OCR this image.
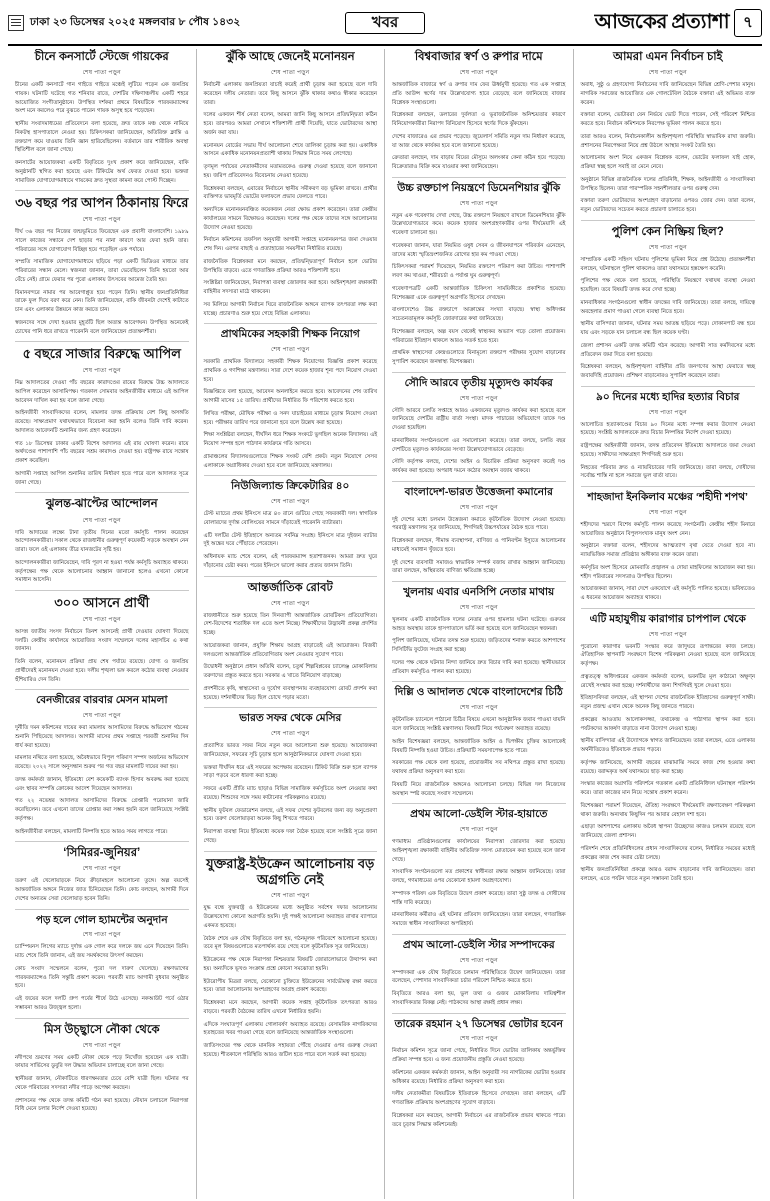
ঢাকা ২৩ ডিসেম্বর ২০২৫ মঙ্গলবার ৮ পৌষ ১৪৩২	খবর	আজকের প্রত্যাশা ৭
চীনে কনসার্টে স্টেজে গায়কের
শেষ পাতা পড়ুন

চীনের একটি কনসার্টে গান গাইতে গাইতে মঞ্চেই লুটিয়ে পড়েন এক জনপ্রিয় গায়ক। ঘটনাটি ঘটেছে গত শনিবার রাতে, দেশটির দক্ষিণাঞ্চলীয় একটি শহরে আয়োজিত সংগীতানুষ্ঠানে। উপস্থিত দর্শকরা প্রথমে বিষয়টিকে পারফরম্যান্সের অংশ মনে করলেও পরে বুঝতে পারেন গায়ক অসুস্থ হয়ে পড়েছেন।

স্থানীয় সংবাদমাধ্যমের প্রতিবেদনে বলা হয়েছে, দ্রুত তাকে মঞ্চ থেকে নামিয়ে নিকটস্থ হাসপাতালে নেওয়া হয়। চিকিৎসকরা জানিয়েছেন, অতিরিক্ত ক্লান্তি ও রক্তচাপ কমে যাওয়ায় তিনি জ্ঞান হারিয়েছিলেন। বর্তমানে তার শারীরিক অবস্থা স্থিতিশীল বলে জানা গেছে।

কনসার্টের আয়োজকরা একটি বিবৃতিতে দুঃখ প্রকাশ করে জানিয়েছেন, বাকি অনুষ্ঠানটি স্থগিত করা হয়েছে এবং টিকিটের অর্থ ফেরত দেওয়া হবে। ভক্তরা সামাজিক যোগাযোগমাধ্যমে গায়কের দ্রুত সুস্থতা কামনা করে পোস্ট দিচ্ছেন।

৩৬ বছর পর আপন ঠিকানায় ফিরে
শেষ পাতা পড়ুন

দীর্ঘ ৩৬ বছর পর নিজের জন্মভূমিতে ফিরেছেন এক প্রবাসী বাংলাদেশি। ১৯৮৯ সালে কাজের সন্ধানে দেশ ছাড়ার পর নানা কারণে আর ফেরা হয়নি তার। পরিবারের সঙ্গে যোগাযোগ বিচ্ছিন্ন হয়ে পড়েছিল এক পর্যায়ে।

সম্প্রতি সামাজিক যোগাযোগমাধ্যমে ছড়িয়ে পড়া একটি ভিডিওর মাধ্যমে তার পরিবারের সন্ধান মেলে। স্বজনরা জানান, তারা ভেবেছিলেন তিনি হয়তো আর বেঁচে নেই। গ্রামে ফেরার পর পুরো এলাকায় উৎসবের আমেজ তৈরি হয়।

বিমানবন্দরে নামার পর আবেগাপ্লুত হয়ে পড়েন তিনি। স্থানীয় জনপ্রতিনিধিরা তাকে ফুল দিয়ে বরণ করে নেন। তিনি জানিয়েছেন, বাকি জীবনটা দেশেই কাটাতে চান এবং এলাকার উন্নয়নে কাজ করতে চান।

স্বজনদের সঙ্গে দেখা হওয়ার মুহূর্তটি ছিল অত্যন্ত আবেগঘন। উপস্থিত অনেকেই চোখের পানি ধরে রাখতে পারেননি বলে জানিয়েছেন প্রত্যক্ষদর্শীরা।

৫ বছরে সাজার বিরুদ্ধে আপিল
শেষ পাতা পড়ুন

নিম্ন আদালতের দেওয়া পাঁচ বছরের কারাদণ্ডের রায়ের বিরুদ্ধে উচ্চ আদালতে আপিল করেছেন আসামিপক্ষ। গতকাল সোমবার আইনজীবীর মাধ্যমে এই আপিল আবেদন দাখিল করা হয় বলে জানা গেছে।

আইনজীবী সাংবাদিকদের বলেন, মামলার তদন্ত প্রক্রিয়ায় বেশ কিছু অসঙ্গতি রয়েছে। সাক্ষ্যপ্রমাণ যথাযথভাবে বিবেচনা করা হয়নি বলেও তিনি দাবি করেন। আদালত আবেদনটি শুনানির জন্য গ্রহণ করেছেন।

গত ১৮ ডিসেম্বর ঢাকার একটি বিশেষ আদালত এই রায় ঘোষণা করেন। রায়ে অর্থদণ্ডের পাশাপাশি পাঁচ বছরের সশ্রম কারাদণ্ড দেওয়া হয়। রাষ্ট্রপক্ষ রায়ে সন্তোষ প্রকাশ করেছিল।

আগামী সপ্তাহে আপিল শুনানির তারিখ নির্ধারণ হতে পারে বলে আদালত সূত্রে জানা গেছে।

ঝুলন্ত-ঝাপ্টের আন্দোলন
শেষ পাতা পড়ুন

দাবি আদায়ের লক্ষ্যে টানা তৃতীয় দিনের মতো কর্মসূচি পালন করেছেন আন্দোলনকারীরা। সকাল থেকে রাজধানীর গুরুত্বপূর্ণ কয়েকটি সড়কে অবস্থান নেন তারা। ফলে ওই এলাকায় তীব্র যানজটের সৃষ্টি হয়।

আন্দোলনকারীরা জানিয়েছেন, দাবি পূরণ না হওয়া পর্যন্ত কর্মসূচি অব্যাহত থাকবে। কর্তৃপক্ষের পক্ষ থেকে আলোচনার আহ্বান জানানো হলেও এখনো কোনো সমাধান আসেনি।

৩০০ আসনে প্রার্থী
শেষ পাতা পড়ুন

আসন্ন জাতীয় সংসদ নির্বাচনে তিনশ আসনেই প্রার্থী দেওয়ার ঘোষণা দিয়েছে দলটি। কেন্দ্রীয় কার্যালয়ে আয়োজিত সংবাদ সম্মেলনে দলের মহাসচিব এ কথা জানান।

তিনি বলেন, মনোনয়ন প্রক্রিয়া প্রায় শেষ পর্যায়ে রয়েছে। যোগ্য ও জনপ্রিয় প্রার্থীদেরই মনোনয়ন দেওয়া হবে। দলীয় শৃঙ্খলা ভঙ্গ করলে কঠোর ব্যবস্থা নেওয়ার হুঁশিয়ারিও দেন তিনি।

বেনজীরের বারবার মেসন মামলা
শেষ পাতা পড়ুন

দুর্নীতি দমন কমিশনের দায়ের করা মামলায় আসামিদের বিরুদ্ধে অভিযোগ গঠনের শুনানি পিছিয়েছে আদালত। আগামী মাসের প্রথম সপ্তাহে পরবর্তী শুনানির দিন ধার্য করা হয়েছে।

মামলার নথিতে বলা হয়েছে, অবৈধভাবে বিপুল পরিমাণ সম্পদ অর্জনের অভিযোগ রয়েছে। ২০২২ সালে অনুসন্ধান শুরুর পর গত বছর মামলাটি দায়ের করা হয়।

তদন্ত কর্মকর্তা জানান, ইতিমধ্যে বেশ কয়েকটি ব্যাংক হিসাব অবরুদ্ধ করা হয়েছে এবং স্থাবর সম্পত্তি ক্রোকের আদেশ দিয়েছেন আদালত।

গত ২২ নভেম্বর আদালত আসামিদের বিরুদ্ধে গ্রেপ্তারি পরোয়ানা জারি করেছিলেন। তবে এখনো তাদের গ্রেপ্তার করা সম্ভব হয়নি বলে জানিয়েছে সংশ্লিষ্ট কর্তৃপক্ষ।

আইনজীবীরা বলছেন, মামলাটি নিষ্পত্তি হতে আরও সময় লাগতে পারে।

‘সিমিরর-জুনিয়র’
শেষ পাতা পড়ুন

তরুণ এই খেলোয়াড়কে নিয়ে ক্রীড়ামহলে আলোচনা তুঙ্গে। অল্প বয়সেই আন্তর্জাতিক অঙ্গনে নিজের জাত চিনিয়েছেন তিনি। কোচ বলছেন, আগামী দিনে দেশের অন্যতম সেরা খেলোয়াড় হবেন তিনি।

পড় হলে গোল হ্যামন্টের অনুদান
শেষ পাতা পড়ুন

চ্যাম্পিয়নস লিগের ম্যাচে দুর্দান্ত এক গোল করে দলকে জয় এনে দিয়েছেন তিনি। ম্যাচ শেষে তিনি জানান, এই জয় সমর্থকদের উৎসর্গ করছেন।

কোচ সংবাদ সম্মেলনে বলেন, পুরো দল দারুণ খেলেছে। রক্ষণভাগের পারফরম্যান্সেও তিনি সন্তুষ্টি প্রকাশ করেন। পরবর্তী ম্যাচ আগামী বুধবার অনুষ্ঠিত হবে।

এই জয়ের ফলে দলটি গ্রুপ পর্বের শীর্ষে উঠে এসেছে। নকআউট পর্বে ওঠার সম্ভাবনা আরও উজ্জ্বল হলো।

মিস উচ্ছ্বাসে নৌকা থেকে
শেষ পাতা পড়ুন

নদীপথে ভ্রমণের সময় একটি নৌকা থেকে পড়ে নিখোঁজ হয়েছেন এক যাত্রী। ফায়ার সার্ভিসের ডুবুরি দল উদ্ধার অভিযান চালাচ্ছে বলে জানা গেছে।

স্থানীয়রা জানান, নৌকাটিতে ধারণক্ষমতার চেয়ে বেশি যাত্রী ছিল। ঘটনার পর থেকে পরিবারের সদস্যরা নদীর পাড়ে অপেক্ষা করছেন।

প্রশাসনের পক্ষ থেকে তদন্ত কমিটি গঠন করা হয়েছে। নৌযান চলাচলে নিরাপত্তা বিধি মেনে চলার নির্দেশ দেওয়া হয়েছে।

ঝুঁকি আছে জেনেই মনোনয়ন
শেষ পাতা পড়ুন

নির্বাচনী এলাকায় জনপ্রিয়তা যাচাই করেই প্রার্থী চূড়ান্ত করা হয়েছে বলে দাবি করেছেন দলীয় নেতারা। তবে কিছু আসনে ঝুঁকি থাকার কথাও স্বীকার করেছেন তারা।

দলের একজন শীর্ষ নেতা বলেন, আমরা জানি কিছু আসনে প্রতিদ্বন্দ্বিতা কঠিন হবে। তারপরও আমরা সেখানে শক্তিশালী প্রার্থী দিয়েছি, যাতে ভোটারদের আস্থা অর্জন করা যায়।

মনোনয়ন বোর্ডের সভায় দীর্ঘ আলোচনা শেষে তালিকা চূড়ান্ত করা হয়। একাধিক আসনে একাধিক মনোনয়নপ্রত্যাশী থাকায় সিদ্ধান্ত নিতে সময় লেগেছে।

তৃণমূল পর্যায়ের নেতাকর্মীদের মতামতকেও গুরুত্ব দেওয়া হয়েছে বলে জানানো হয়। জরিপ প্রতিবেদনও বিবেচনায় নেওয়া হয়েছে।

বিশ্লেষকরা বলছেন, এবারের নির্বাচনে স্থানীয় সমীকরণ বড় ভূমিকা রাখবে। প্রার্থীর ব্যক্তিগত ভাবমূর্তি ভোটের ফলাফলে প্রভাব ফেলতে পারে।

অন্যদিকে মনোনয়নবঞ্চিত কয়েকজন নেতা ক্ষোভ প্রকাশ করেছেন। তারা কেন্দ্রীয় কার্যালয়ের সামনে বিক্ষোভও করেছেন। দলের পক্ষ থেকে তাদের সঙ্গে আলোচনার উদ্যোগ নেওয়া হয়েছে।

নির্বাচন কমিশনের তফসিল অনুযায়ী আগামী সপ্তাহে মনোনয়নপত্র জমা দেওয়ার শেষ দিন। এরপর বাছাই ও প্রত্যাহারের সময়সীমা নির্ধারিত রয়েছে।

রাজনৈতিক বিশ্লেষকরা মনে করছেন, প্রতিদ্বন্দ্বিতাপূর্ণ নির্বাচন হলে ভোটার উপস্থিতি বাড়বে। এতে গণতান্ত্রিক প্রক্রিয়া আরও শক্তিশালী হবে।

সংশ্লিষ্টরা জানিয়েছেন, নিরাপত্তা ব্যবস্থা জোরদার করা হবে। আইনশৃঙ্খলা রক্ষাকারী বাহিনীর সদস্যরা মাঠে থাকবেন।

সব মিলিয়ে আগামী নির্বাচন ঘিরে রাজনৈতিক অঙ্গনে ব্যাপক তৎপরতা লক্ষ করা যাচ্ছে। প্রচারণাও শুরু হয়ে গেছে বিভিন্ন এলাকায়।

প্রাথমিকের সহকারী শিক্ষক নিয়োগ
শেষ পাতা পড়ুন

সরকারি প্রাথমিক বিদ্যালয়ে সহকারী শিক্ষক নিয়োগের বিজ্ঞপ্তি প্রকাশ করেছে প্রাথমিক ও গণশিক্ষা মন্ত্রণালয়। সারা দেশে কয়েক হাজার শূন্য পদে নিয়োগ দেওয়া হবে।

বিজ্ঞপ্তিতে বলা হয়েছে, আবেদন অনলাইনে করতে হবে। আবেদনের শেষ তারিখ আগামী মাসের ১৫ তারিখ। প্রার্থীদের নির্ধারিত ফি পরিশোধ করতে হবে।

লিখিত পরীক্ষা, মৌখিক পরীক্ষা ও সনদ যাচাইয়ের মাধ্যমে চূড়ান্ত নিয়োগ দেওয়া হবে। পরীক্ষার তারিখ পরে জানানো হবে বলে উল্লেখ করা হয়েছে।

শিক্ষা সংশ্লিষ্টরা বলছেন, দীর্ঘদিন ধরে শিক্ষক সংকটে ভুগছিল অনেক বিদ্যালয়। এই নিয়োগ সম্পন্ন হলে পাঠদান কার্যক্রমে গতি আসবে।

গ্রামাঞ্চলের বিদ্যালয়গুলোতে শিক্ষক সংকট বেশি প্রকট। নতুন নিয়োগে সেসব এলাকাকে অগ্রাধিকার দেওয়া হবে বলে জানিয়েছে মন্ত্রণালয়।

নিউজিল্যান্ড ক্রিকেটারির ৪০
শেষ পাতা পড়ুন

টেস্ট ম্যাচের প্রথম ইনিংসে মাত্র ৪০ রানে গুটিয়ে গেছে সফরকারী দল। স্বাগতিক বোলারদের দুর্দান্ত বোলিংয়ের সামনে দাঁড়াতেই পারেননি ব্যাটাররা।

এটি দলটির টেস্ট ইতিহাসে অন্যতম সর্বনিম্ন সংগ্রহ। ইনিংসে মাত্র দুইজন ব্যাটার দুই অঙ্কের ঘরে পৌঁছাতে পেরেছেন।

অধিনায়ক ম্যাচ শেষে বলেন, এই পারফরম্যান্স হতাশাজনক। আমরা দ্রুত ঘুরে দাঁড়ানোর চেষ্টা করব। পরের ইনিংসে ভালো করার প্রত্যয় জানান তিনি।

আন্তর্জাতিক রোবট
শেষ পাতা পড়ুন

রাজধানীতে শুরু হয়েছে তিন দিনব্যাপী আন্তর্জাতিক রোবটিকস প্রতিযোগিতা। দেশ-বিদেশের শতাধিক দল এতে অংশ নিচ্ছে। শিক্ষার্থীদের উদ্ভাবনী প্রকল্প প্রদর্শিত হচ্ছে।

আয়োজকরা জানান, প্রযুক্তি শিক্ষায় আগ্রহ বাড়াতেই এই আয়োজন। বিজয়ী দলগুলো আন্তর্জাতিক প্রতিযোগিতায় অংশ নেওয়ার সুযোগ পাবে।

উদ্বোধনী অনুষ্ঠানে প্রধান অতিথি বলেন, চতুর্থ শিল্পবিপ্লবের চ্যালেঞ্জ মোকাবিলায় তরুণদের প্রস্তুত করতে হবে। সরকার এ খাতে বিনিয়োগ বাড়াচ্ছে।

প্রদর্শনীতে কৃষি, স্বাস্থ্যসেবা ও দুর্যোগ ব্যবস্থাপনায় ব্যবহারযোগ্য রোবট প্রদর্শন করা হয়েছে। দর্শনার্থীদের ভিড় ছিল চোখে পড়ার মতো।

ভারত সফর থেকে মেসির
শেষ পাতা পড়ুন

প্রত্যাশিত ভারত সফর নিয়ে নতুন করে আলোচনা শুরু হয়েছে। আয়োজকরা জানিয়েছেন, সফরের সূচি চূড়ান্ত হলে আনুষ্ঠানিকভাবে ঘোষণা দেওয়া হবে।

ভক্তরা দীর্ঘদিন ধরে এই সফরের অপেক্ষায় রয়েছেন। টিকিট বিক্রি শুরু হলে ব্যাপক সাড়া পড়বে বলে ধারণা করা হচ্ছে।

সফরে একটি প্রীতি ম্যাচ ছাড়াও বিভিন্ন সামাজিক কর্মসূচিতে অংশ নেওয়ার কথা রয়েছে। শিশুদের সঙ্গে সময় কাটানোর পরিকল্পনাও রয়েছে।

স্থানীয় ফুটবল ফেডারেশন বলছে, এই সফর দেশের ফুটবলের জন্য বড় অনুপ্রেরণা হবে। তরুণ খেলোয়াড়রা অনেক কিছু শিখতে পারবে।

নিরাপত্তা ব্যবস্থা নিয়ে ইতিমধ্যে কয়েক দফা বৈঠক হয়েছে বলে সংশ্লিষ্ট সূত্রে জানা গেছে।

যুক্তরাষ্ট্র-ইউক্রেন আলোচনায় বড় অগ্রগতি নেই
শেষ পাতা পড়ুন

যুদ্ধ বন্ধে যুক্তরাষ্ট্র ও ইউক্রেনের মধ্যে অনুষ্ঠিত সর্বশেষ দফার আলোচনায় উল্লেখযোগ্য কোনো অগ্রগতি হয়নি। দুই পক্ষই আলোচনা অব্যাহত রাখার ব্যাপারে একমত হয়েছে।

বৈঠক শেষে এক যৌথ বিবৃতিতে বলা হয়, গঠনমূলক পরিবেশে আলোচনা হয়েছে। তবে মূল বিষয়গুলোতে মতপার্থক্য রয়ে গেছে বলে কূটনৈতিক সূত্র জানিয়েছে।

ইউক্রেনের পক্ষ থেকে নিরাপত্তা নিশ্চয়তার বিষয়টি জোরালোভাবে উত্থাপন করা হয়। অন্যদিকে ভূখণ্ড সংক্রান্ত প্রশ্নে কোনো সমঝোতা হয়নি।

ইউরোপীয় মিত্ররা বলছে, যেকোনো চুক্তিতে ইউক্রেনের সার্বভৌমত্ব রক্ষা করতে হবে। তারা আলোচনায় অংশগ্রহণের আগ্রহ প্রকাশ করেছে।

বিশ্লেষকরা মনে করছেন, আগামী কয়েক সপ্তাহ কূটনৈতিক তৎপরতা আরও বাড়বে। পরবর্তী বৈঠকের তারিখ এখনো নির্ধারিত হয়নি।

এদিকে সংঘাতপূর্ণ এলাকায় গোলাবর্ষণ অব্যাহত রয়েছে। বেসামরিক নাগরিকদের হতাহতের খবর পাওয়া গেছে বলে জানিয়েছে আন্তর্জাতিক সংস্থাগুলো।

জাতিসংঘের পক্ষ থেকে মানবিক সহায়তা পৌঁছে দেওয়ার ওপর গুরুত্ব দেওয়া হয়েছে। শীতকালে পরিস্থিতি আরও জটিল হতে পারে বলে সতর্ক করা হয়েছে।

বিশ্ববাজার স্বর্ণ ও রুপার দামে
শেষ পাতা পড়ুন

আন্তর্জাতিক বাজারে স্বর্ণ ও রুপার দাম ফের ঊর্ধ্বমুখী হয়েছে। গত এক সপ্তাহে প্রতি আউন্স স্বর্ণের দাম উল্লেখযোগ্য হারে বেড়েছে বলে জানিয়েছে বাজার বিশ্লেষক সংস্থাগুলো।

বিশ্লেষকরা বলছেন, ডলারের দুর্বলতা ও ভূরাজনৈতিক অনিশ্চয়তার কারণে বিনিয়োগকারীরা নিরাপদ বিনিয়োগ হিসেবে স্বর্ণের দিকে ঝুঁকছেন।

দেশের বাজারেও এর প্রভাব পড়েছে। জুয়েলার্স সমিতি নতুন দাম নির্ধারণ করেছে, যা আজ থেকে কার্যকর হবে বলে জানানো হয়েছে।

ক্রেতারা বলছেন, দাম বাড়ায় বিয়ের মৌসুমে অলংকার কেনা কঠিন হয়ে পড়েছে। বিক্রেতারাও বিক্রি কমে যাওয়ার কথা জানিয়েছেন।

উচ্চ রক্তচাপ নিয়ন্ত্রণে ডিমেনশিয়ার ঝুঁকি
শেষ পাতা পড়ুন

নতুন এক গবেষণায় দেখা গেছে, উচ্চ রক্তচাপ নিয়ন্ত্রণে রাখলে ডিমেনশিয়ার ঝুঁকি উল্লেখযোগ্যভাবে কমে। কয়েক হাজার অংশগ্রহণকারীর ওপর দীর্ঘমেয়াদি এই গবেষণা চালানো হয়।

গবেষকরা জানান, যারা নিয়মিত ওষুধ সেবন ও জীবনযাপনে পরিবর্তন এনেছেন, তাদের মধ্যে স্মৃতিভ্রংশজনিত রোগের হার কম পাওয়া গেছে।

চিকিৎসকরা পরামর্শ দিয়েছেন, নিয়মিত রক্তচাপ পরিমাপ করা উচিত। পাশাপাশি লবণ কম খাওয়া, শরীরচর্চা ও পর্যাপ্ত ঘুম গুরুত্বপূর্ণ।

গবেষণাপত্রটি একটি আন্তর্জাতিক চিকিৎসা সাময়িকীতে প্রকাশিত হয়েছে। বিশেষজ্ঞরা একে গুরুত্বপূর্ণ অগ্রগতি হিসেবে দেখছেন।

বাংলাদেশেও উচ্চ রক্তচাপে আক্রান্তের সংখ্যা বাড়ছে। স্বাস্থ্য অধিদপ্তর সচেতনতামূলক কর্মসূচি জোরদারের কথা জানিয়েছে।

বিশেষজ্ঞরা বলছেন, অল্প বয়স থেকেই স্বাস্থ্যকর অভ্যাস গড়ে তোলা প্রয়োজন। পরিবারের ইতিহাস থাকলে আরও সতর্ক হতে হবে।

প্রাথমিক স্বাস্থ্যসেবা কেন্দ্রগুলোতে বিনামূল্যে রক্তচাপ পরীক্ষার সুযোগ বাড়ানোর সুপারিশ করেছেন জনস্বাস্থ্য বিশেষজ্ঞরা।

সৌদি আরবে তৃতীয় মৃত্যুদণ্ড কার্যকর
শেষ পাতা পড়ুন

সৌদি আরবে চলতি সপ্তাহে আরও একজনের মৃত্যুদণ্ড কার্যকর করা হয়েছে বলে জানিয়েছে দেশটির রাষ্ট্রীয় বার্তা সংস্থা। মাদক পাচারের অভিযোগে তাকে দণ্ড দেওয়া হয়েছিল।

মানবাধিকার সংগঠনগুলো এর সমালোচনা করেছে। তারা বলছে, চলতি বছর দেশটিতে মৃত্যুদণ্ড কার্যকরের সংখ্যা উল্লেখযোগ্যভাবে বেড়েছে।

সৌদি কর্তৃপক্ষ বলছে, দেশের আইন ও বিচারিক প্রক্রিয়া অনুসরণ করেই দণ্ড কার্যকর করা হয়েছে। অপরাধ দমনে কঠোর অবস্থান বজায় থাকবে।

বাংলাদেশ-ভারত উত্তেজনা কমানোর
শেষ পাতা পড়ুন

দুই দেশের মধ্যে চলমান উত্তেজনা কমাতে কূটনৈতিক উদ্যোগ নেওয়া হয়েছে। পররাষ্ট্র মন্ত্রণালয় সূত্র জানিয়েছে, শিগগিরই উচ্চপর্যায়ের বৈঠক হতে পারে।

বিশ্লেষকরা বলছেন, সীমান্ত ব্যবস্থাপনা, বাণিজ্য ও পানিবণ্টন ইস্যুতে আলোচনার মাধ্যমেই সমাধান খুঁজতে হবে।

দুই দেশের ব্যবসায়ী সমাজও স্বাভাবিক সম্পর্ক বজায় রাখার আহ্বান জানিয়েছে। তারা বলছেন, অস্থিরতায় বাণিজ্য ক্ষতিগ্রস্ত হচ্ছে।

খুলনায় এবার এনসিপি নেতার মাথায়
শেষ পাতা পড়ুন

খুলনায় একটি রাজনৈতিক দলের নেতার ওপর হামলার ঘটনা ঘটেছে। গুরুতর আহত অবস্থায় তাকে হাসপাতালে ভর্তি করা হয়েছে বলে জানিয়েছেন স্বজনরা।

পুলিশ জানিয়েছে, ঘটনার তদন্ত শুরু হয়েছে। জড়িতদের শনাক্ত করতে আশপাশের সিসিটিভি ফুটেজ সংগ্রহ করা হচ্ছে।

দলের পক্ষ থেকে ঘটনার নিন্দা জানিয়ে দ্রুত বিচার দাবি করা হয়েছে। স্থানীয়ভাবে প্রতিবাদ কর্মসূচিও পালন করা হয়েছে।

দিল্লি ও আদালত থেকে বাংলাদেশের চিঠি
শেষ পাতা পড়ুন

কূটনৈতিক চ্যানেলে পাঠানো চিঠির বিষয়ে এখনো আনুষ্ঠানিক জবাব পাওয়া যায়নি বলে জানিয়েছে সংশ্লিষ্ট মন্ত্রণালয়। বিষয়টি নিয়ে পর্যবেক্ষণ অব্যাহত রয়েছে।

আইন বিশেষজ্ঞরা বলছেন, আন্তর্জাতিক আইন ও দ্বিপক্ষীয় চুক্তির আলোকেই বিষয়টি নিষ্পত্তি হওয়া উচিত। প্রক্রিয়াটি সময়সাপেক্ষ হতে পারে।

সরকারের পক্ষ থেকে বলা হয়েছে, প্রয়োজনীয় সব নথিপত্র প্রস্তুত রাখা হয়েছে। যথাযথ প্রক্রিয়া অনুসরণ করা হবে।

বিষয়টি নিয়ে রাজনৈতিক অঙ্গনেও আলোচনা চলছে। বিভিন্ন দল নিজেদের অবস্থান স্পষ্ট করেছে সংবাদ সম্মেলনে।

প্রথম আলো-ডেইলি স্টার-হায়াতে
শেষ পাতা পড়ুন

গণমাধ্যম প্রতিষ্ঠানগুলোর কার্যালয়ের নিরাপত্তা জোরদার করা হয়েছে। আইনশৃঙ্খলা রক্ষাকারী বাহিনীর অতিরিক্ত সদস্য মোতায়েন করা হয়েছে বলে জানা গেছে।

সাংবাদিক সংগঠনগুলো মত প্রকাশের স্বাধীনতা রক্ষার আহ্বান জানিয়েছে। তারা বলছে, গণমাধ্যমের ওপর যেকোনো হামলা অগ্রহণযোগ্য।

সম্পাদক পরিষদ এক বিবৃতিতে উদ্বেগ প্রকাশ করেছে। তারা সুষ্ঠু তদন্ত ও দোষীদের শাস্তি দাবি করেছে।

মানবাধিকার কর্মীরাও এই ঘটনার প্রতিবাদ জানিয়েছেন। তারা বলছেন, গণতান্ত্রিক সমাজে স্বাধীন সাংবাদিকতা অপরিহার্য।

প্রথম আলো-ডেইলি স্টার সম্পাদকের
শেষ পাতা পড়ুন

সম্পাদকরা এক যৌথ বিবৃতিতে চলমান পরিস্থিতিতে উদ্বেগ জানিয়েছেন। তারা বলেছেন, পেশাদার সাংবাদিকতা চর্চার পরিবেশ নিশ্চিত করতে হবে।

বিবৃতিতে আরও বলা হয়, ভুল তথ্য ও গুজব মোকাবিলায় দায়িত্বশীল সাংবাদিকতার বিকল্প নেই। পাঠকদের আস্থা রক্ষাই প্রধান লক্ষ্য।

তারেক রহমান ২৭ ডিসেম্বর ভোটার হবেন
শেষ পাতা পড়ুন

নির্বাচন কমিশন সূত্রে জানা গেছে, নির্ধারিত দিনে ভোটার তালিকায় অন্তর্ভুক্তির প্রক্রিয়া সম্পন্ন হবে। এ জন্য প্রয়োজনীয় প্রস্তুতি নেওয়া হয়েছে।

কমিশনের একজন কর্মকর্তা জানান, আইন অনুযায়ী সব নাগরিকের ভোটার হওয়ার অধিকার রয়েছে। নির্ধারিত প্রক্রিয়া অনুসরণ করা হবে।

দলীয় নেতাকর্মীরা বিষয়টিকে ইতিবাচক হিসেবে দেখছেন। তারা বলছেন, এটি গণতান্ত্রিক প্রক্রিয়ায় অংশগ্রহণের সুযোগ বাড়াবে।

বিশ্লেষকরা মনে করছেন, আগামী নির্বাচনে এর রাজনৈতিক প্রভাব থাকতে পারে। তবে চূড়ান্ত সিদ্ধান্ত কমিশনেরই।

আমরা এমন নির্বাচন চাই
শেষ পাতা পড়ুন

অবাধ, সুষ্ঠু ও গ্রহণযোগ্য নির্বাচনের দাবি জানিয়েছেন বিভিন্ন শ্রেণি-পেশার মানুষ। নাগরিক সমাজের আয়োজিত এক গোলটেবিল বৈঠকে বক্তারা এই অভিমত ব্যক্ত করেন।

বক্তারা বলেন, ভোটাররা যেন নির্ভয়ে ভোট দিতে পারেন, সেই পরিবেশ নিশ্চিত করতে হবে। নির্বাচন কমিশনকে নিরপেক্ষ ভূমিকা পালন করতে হবে।

তারা আরও বলেন, নির্বাচনকালীন আইনশৃঙ্খলা পরিস্থিতি স্বাভাবিক রাখা জরুরি। প্রশাসনের নিরপেক্ষতা নিয়ে প্রশ্ন উঠলে আস্থার সংকট তৈরি হয়।

আলোচনায় অংশ নিয়ে একজন বিশ্লেষক বলেন, ভোটের ফলাফল যাই হোক, প্রক্রিয়া স্বচ্ছ হলে সবাই তা মেনে নেবে।

অনুষ্ঠানে বিভিন্ন রাজনৈতিক দলের প্রতিনিধি, শিক্ষক, আইনজীবী ও সাংবাদিকরা উপস্থিত ছিলেন। তারা পারস্পরিক সহনশীলতার ওপর গুরুত্ব দেন।

বক্তারা তরুণ ভোটারদের অংশগ্রহণ বাড়ানোর ওপরও জোর দেন। তারা বলেন, নতুন ভোটারদের সচেতন করতে প্রচারণা চালাতে হবে।

পুলিশ কেন নিষ্ক্রিয় ছিল?
শেষ পাতা পড়ুন

সাম্প্রতিক একটি সহিংস ঘটনায় পুলিশের ভূমিকা নিয়ে প্রশ্ন উঠেছে। প্রত্যক্ষদর্শীরা বলছেন, ঘটনাস্থলে পুলিশ থাকলেও তারা যথাসময়ে হস্তক্ষেপ করেনি।

পুলিশের পক্ষ থেকে বলা হয়েছে, পরিস্থিতি নিয়ন্ত্রণে যথাযথ ব্যবস্থা নেওয়া হয়েছিল। তবে বিষয়টি তদন্ত করে দেখা হচ্ছে।

মানবাধিকার সংগঠনগুলো স্বাধীন তদন্তের দাবি জানিয়েছে। তারা বলছে, দায়িত্বে অবহেলার প্রমাণ পাওয়া গেলে ব্যবস্থা নিতে হবে।

স্থানীয় বাসিন্দারা জানান, ঘটনার সময় আতঙ্ক ছড়িয়ে পড়ে। দোকানপাট বন্ধ হয়ে যায় এবং সড়কে যান চলাচল বন্ধ ছিল কয়েক ঘণ্টা।

জেলা প্রশাসন একটি তদন্ত কমিটি গঠন করেছে। আগামী সাত কর্মদিবসের মধ্যে প্রতিবেদন জমা দিতে বলা হয়েছে।

বিশ্লেষকরা বলছেন, আইনশৃঙ্খলা বাহিনীর প্রতি জনগণের আস্থা ফেরাতে স্বচ্ছ জবাবদিহি প্রয়োজন। প্রশিক্ষণ বাড়ানোরও সুপারিশ করেছেন তারা।

৯০ দিনের মধ্যে হাদির হত্যার বিচার
শেষ পাতা পড়ুন

আলোচিত হত্যাকাণ্ডের বিচার ৯০ দিনের মধ্যে সম্পন্ন করার উদ্যোগ নেওয়া হয়েছে। সংশ্লিষ্ট আদালতকে দ্রুত বিচার নিষ্পত্তির নির্দেশ দেওয়া হয়েছে।

রাষ্ট্রপক্ষের আইনজীবী জানান, তদন্ত প্রতিবেদন ইতিমধ্যে আদালতে জমা দেওয়া হয়েছে। সাক্ষীদের সাক্ষ্যগ্রহণ শিগগিরই শুরু হবে।

নিহতের পরিবার দ্রুত ও ন্যায়বিচারের দাবি জানিয়েছে। তারা বলছে, দোষীদের সর্বোচ্চ শাস্তি না হলে সমাজে ভুল বার্তা যাবে।

শাহজাদা ইনকিলাব মঞ্চের ‘শহীদী শপথ’
শেষ পাতা পড়ুন

শহীদদের স্মরণে বিশেষ কর্মসূচি পালন করেছে সংগঠনটি। কেন্দ্রীয় শহীদ মিনারে আয়োজিত অনুষ্ঠানে বিপুলসংখ্যক মানুষ অংশ নেন।

অনুষ্ঠানে বক্তারা বলেন, শহীদদের আত্মত্যাগ বৃথা যেতে দেওয়া হবে না। ন্যায়ভিত্তিক সমাজ প্রতিষ্ঠার অঙ্গীকার ব্যক্ত করেন তারা।

কর্মসূচির অংশ হিসেবে মোমবাতি প্রজ্বালন ও দোয়া মাহফিলের আয়োজন করা হয়। শহীদ পরিবারের সদস্যরাও উপস্থিত ছিলেন।

আয়োজকরা জানান, সারা দেশে একযোগে এই কর্মসূচি পালিত হয়েছে। ভবিষ্যতেও এ ধরনের আয়োজন অব্যাহত থাকবে।

এটি মহাযুগীয় কারাগার চাপপাল থেকে
শেষ পাতা পড়ুন

পুরোনো কারাগার ভবনটি সংস্কার করে জাদুঘরে রূপান্তরের কাজ চলছে। ঐতিহাসিক স্থাপনাটি সংরক্ষণে বিশেষ পরিকল্পনা নেওয়া হয়েছে বলে জানিয়েছে কর্তৃপক্ষ।

প্রত্নতত্ত্ব অধিদপ্তরের একজন কর্মকর্তা বলেন, ভবনটির মূল কাঠামো অক্ষুণ্ন রেখেই সংস্কার করা হচ্ছে। দর্শনার্থীদের জন্য শিগগিরই খুলে দেওয়া হবে।

ইতিহাসবিদরা বলছেন, এই স্থাপনা দেশের রাজনৈতিক ইতিহাসের গুরুত্বপূর্ণ সাক্ষী। নতুন প্রজন্ম এখান থেকে অনেক কিছু জানতে পারবে।

প্রকল্পের আওতায় আলোকসজ্জা, তথ্যকেন্দ্র ও পাঠাগার স্থাপন করা হবে। পর্যটকদের আকর্ষণ বাড়াতে নানা উদ্যোগ নেওয়া হচ্ছে।

স্থানীয় বাসিন্দারা এই উদ্যোগকে স্বাগত জানিয়েছেন। তারা বলছেন, এতে এলাকার অর্থনীতিতেও ইতিবাচক প্রভাব পড়বে।

কর্তৃপক্ষ জানিয়েছে, আগামী বছরের মাঝামাঝি সময়ে কাজ শেষ হওয়ার কথা রয়েছে। বরাদ্দকৃত অর্থ যথাসময়ে ছাড় করা হচ্ছে।

সংস্কার কাজের অগ্রগতি পরিদর্শনে গতকাল একটি প্রতিনিধিদল ঘটনাস্থল পরিদর্শন করে। তারা কাজের মান নিয়ে সন্তোষ প্রকাশ করেন।

বিশেষজ্ঞরা পরামর্শ দিয়েছেন, ঐতিহ্য সংরক্ষণে দীর্ঘমেয়াদি রক্ষণাবেক্ষণ পরিকল্পনা থাকা জরুরি। অন্যথায় কিছুদিন পর আবার বেহাল দশা হবে।

এছাড়া আশপাশের এলাকায় অবৈধ স্থাপনা উচ্ছেদের কাজও চলমান রয়েছে বলে জানিয়েছে জেলা প্রশাসন।

পরিদর্শন শেষে প্রতিনিধিদলের প্রধান সাংবাদিকদের বলেন, নির্ধারিত সময়ের মধ্যেই প্রকল্পের কাজ শেষ করার চেষ্টা চলছে।

স্থানীয় জনপ্রতিনিধিরা প্রকল্পে আরও বরাদ্দ বাড়ানোর দাবি জানিয়েছেন। তারা বলছেন, এতে পর্যটন খাতে নতুন সম্ভাবনা তৈরি হবে।
